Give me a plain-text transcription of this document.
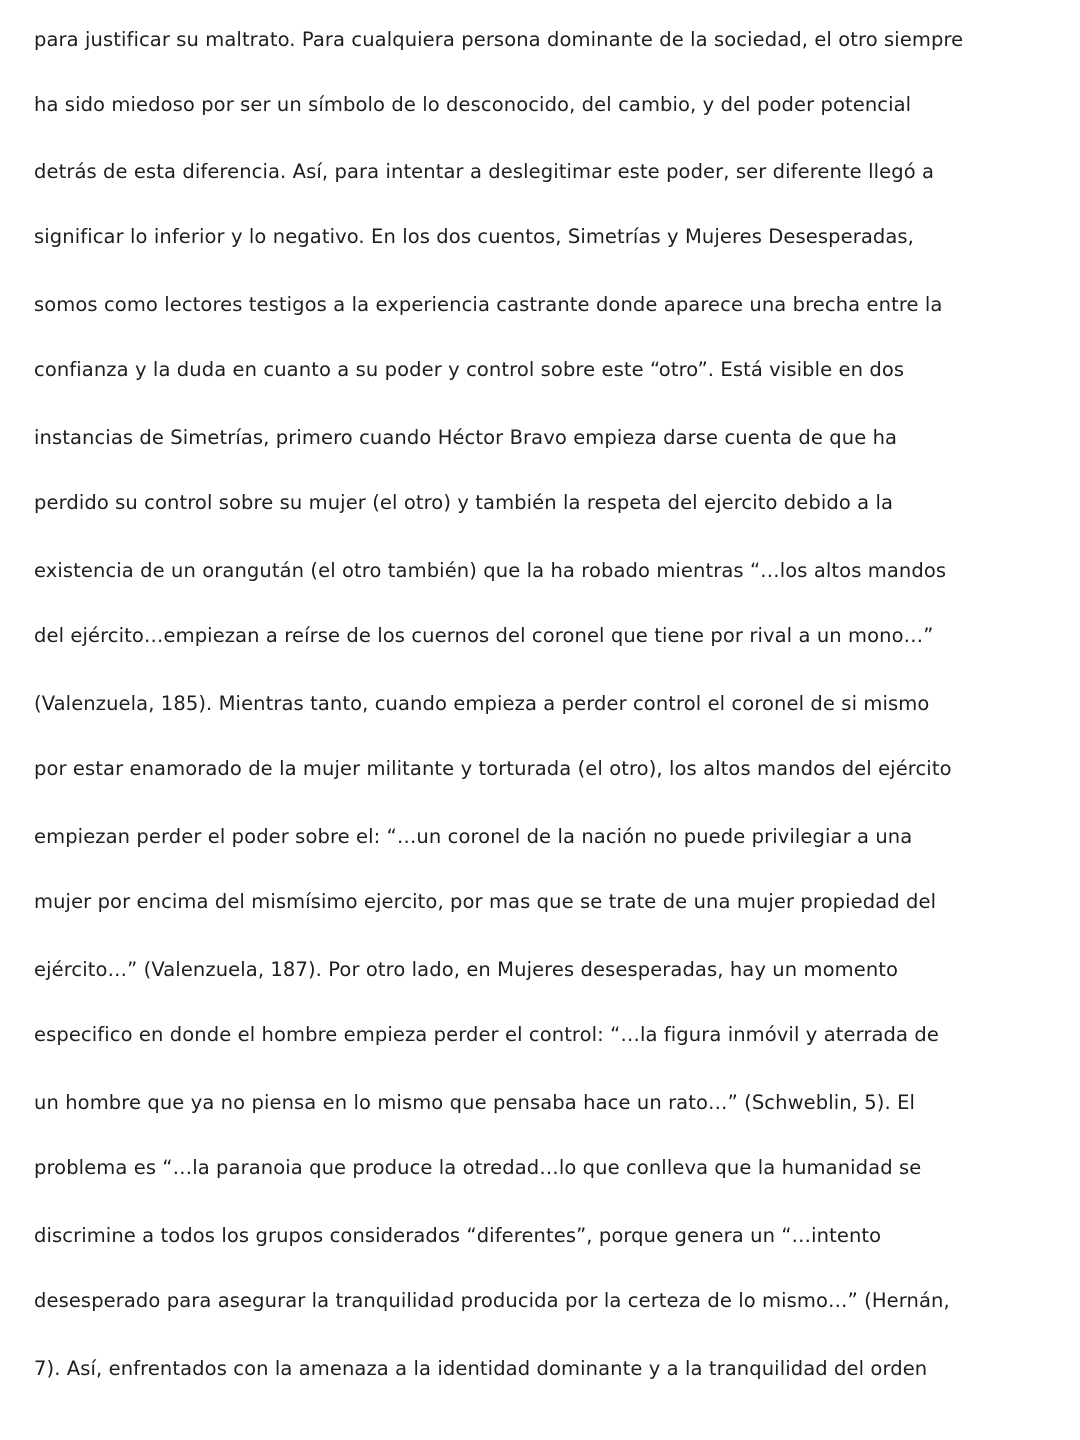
para justificar su maltrato. Para cualquiera persona dominante de la sociedad, el otro siempre
ha sido miedoso por ser un símbolo de lo desconocido, del cambio, y del poder potencial
detrás de esta diferencia. Así, para intentar a deslegitimar este poder, ser diferente llegó a
significar lo inferior y lo negativo. En los dos cuentos, Simetrías y Mujeres Desesperadas,
somos como lectores testigos a la experiencia castrante donde aparece una brecha entre la
confianza y la duda en cuanto a su poder y control sobre este “otro”. Está visible en dos
instancias de Simetrías, primero cuando Héctor Bravo empieza darse cuenta de que ha
perdido su control sobre su mujer (el otro) y también la respeta del ejercito debido a la
existencia de un orangután (el otro también) que la ha robado mientras “…los altos mandos
del ejército…empiezan a reírse de los cuernos del coronel que tiene por rival a un mono…”
(Valenzuela, 185). Mientras tanto, cuando empieza a perder control el coronel de si mismo
por estar enamorado de la mujer militante y torturada (el otro), los altos mandos del ejército
empiezan perder el poder sobre el: “…un coronel de la nación no puede privilegiar a una
mujer por encima del mismísimo ejercito, por mas que se trate de una mujer propiedad del
ejército…” (Valenzuela, 187). Por otro lado, en Mujeres desesperadas, hay un momento
especifico en donde el hombre empieza perder el control: “…la figura inmóvil y aterrada de
un hombre que ya no piensa en lo mismo que pensaba hace un rato…” (Schweblin, 5). El
problema es “…la paranoia que produce la otredad…lo que conlleva que la humanidad se
discrimine a todos los grupos considerados “diferentes”, porque genera un “…intento
desesperado para asegurar la tranquilidad producida por la certeza de lo mismo…” (Hernán,
7). Así, enfrentados con la amenaza a la identidad dominante y a la tranquilidad del orden
